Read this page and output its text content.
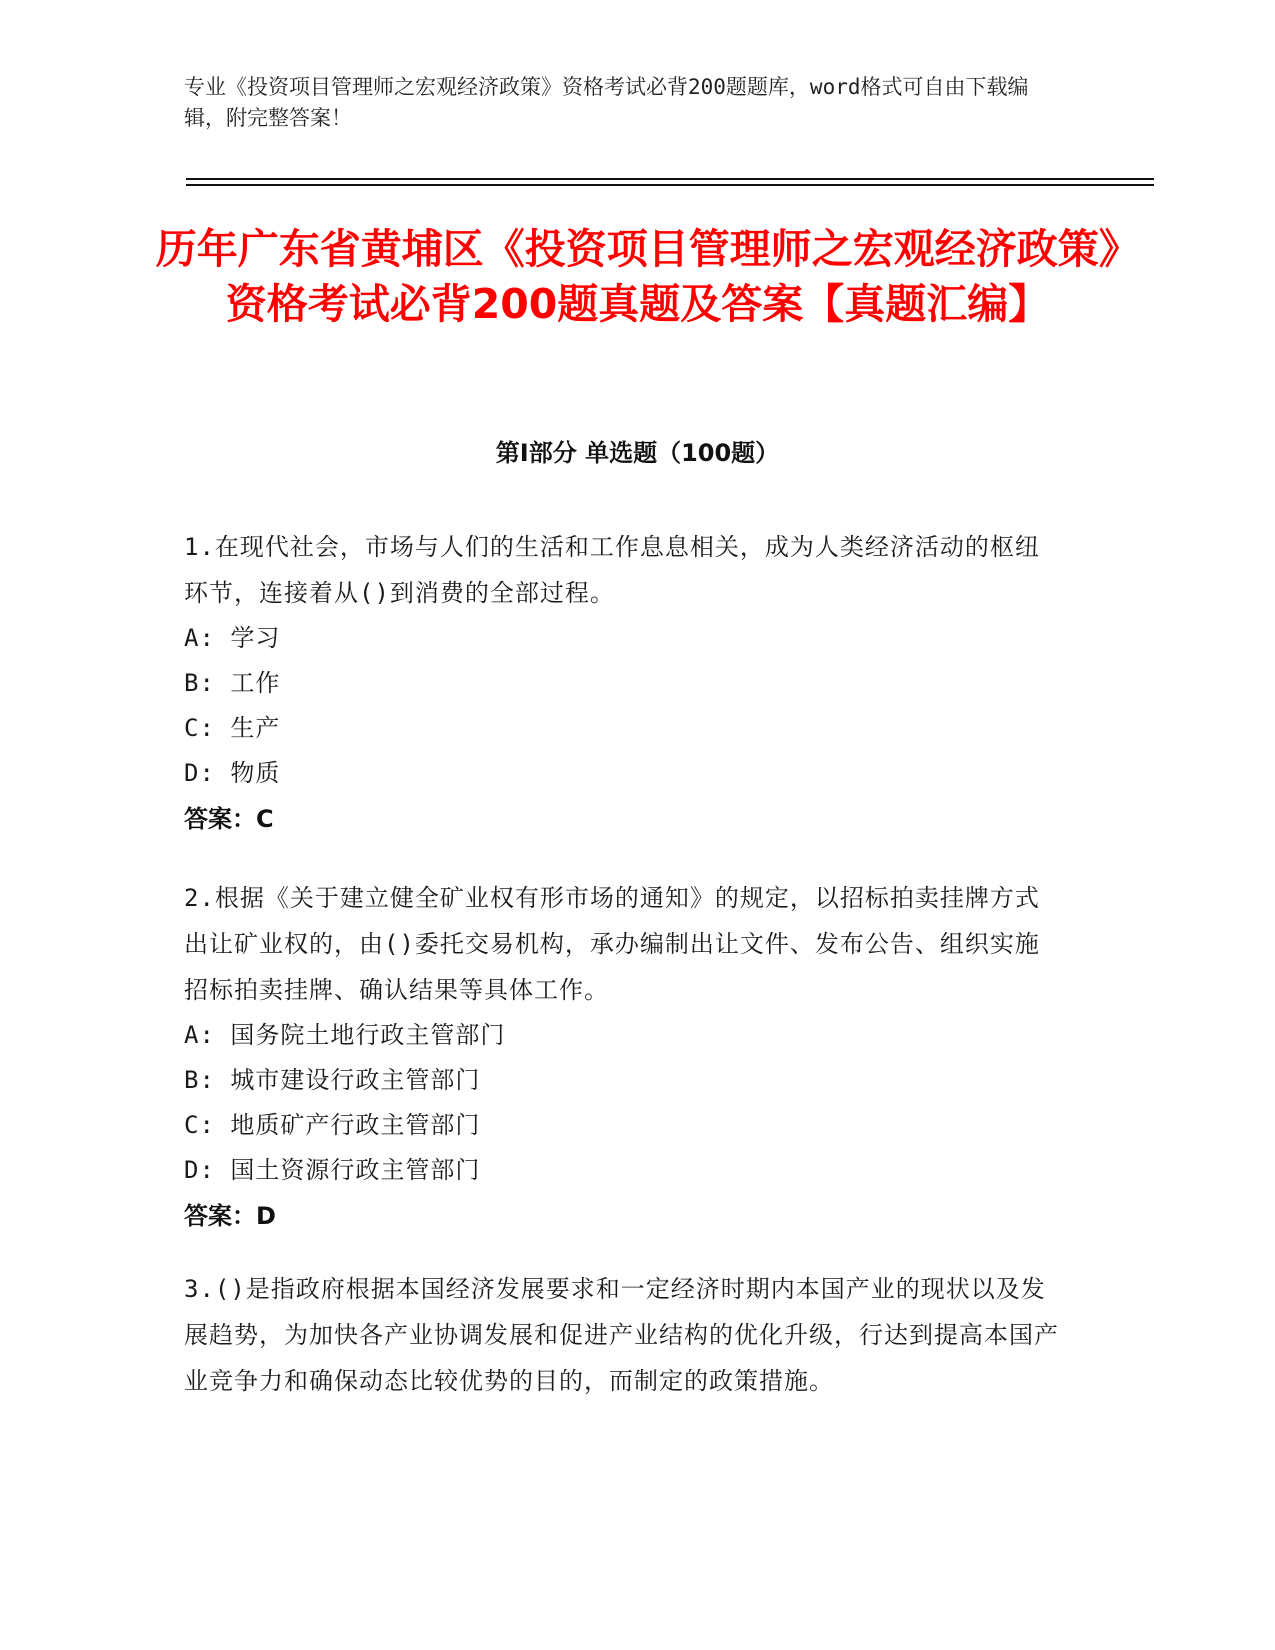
专业《投资项目管理师之宏观经济政策》资格考试必背200题题库，word格式可自由下载编辑，附完整答案！
历年广东省黄埔区《投资项目管理师之宏观经济政策》资格考试必背200题真题及答案【真题汇编】
第Ⅰ部分 单选题（100题）

1.在现代社会，市场与人们的生活和工作息息相关，成为人类经济活动的枢纽环节，连接着从()到消费的全部过程。

A: 学习

B: 工作

C: 生产

D: 物质

答案：C

2.根据《关于建立健全矿业权有形市场的通知》的规定，以招标拍卖挂牌方式出让矿业权的，由()委托交易机构，承办编制出让文件、发布公告、组织实施招标拍卖挂牌、确认结果等具体工作。

A: 国务院土地行政主管部门

B: 城市建设行政主管部门

C: 地质矿产行政主管部门

D: 国土资源行政主管部门

答案：D

3.()是指政府根据本国经济发展要求和一定经济时期内本国产业的现状以及发展趋势，为加快各产业协调发展和促进产业结构的优化升级，行达到提高本国产业竞争力和确保动态比较优势的目的，而制定的政策措施。
